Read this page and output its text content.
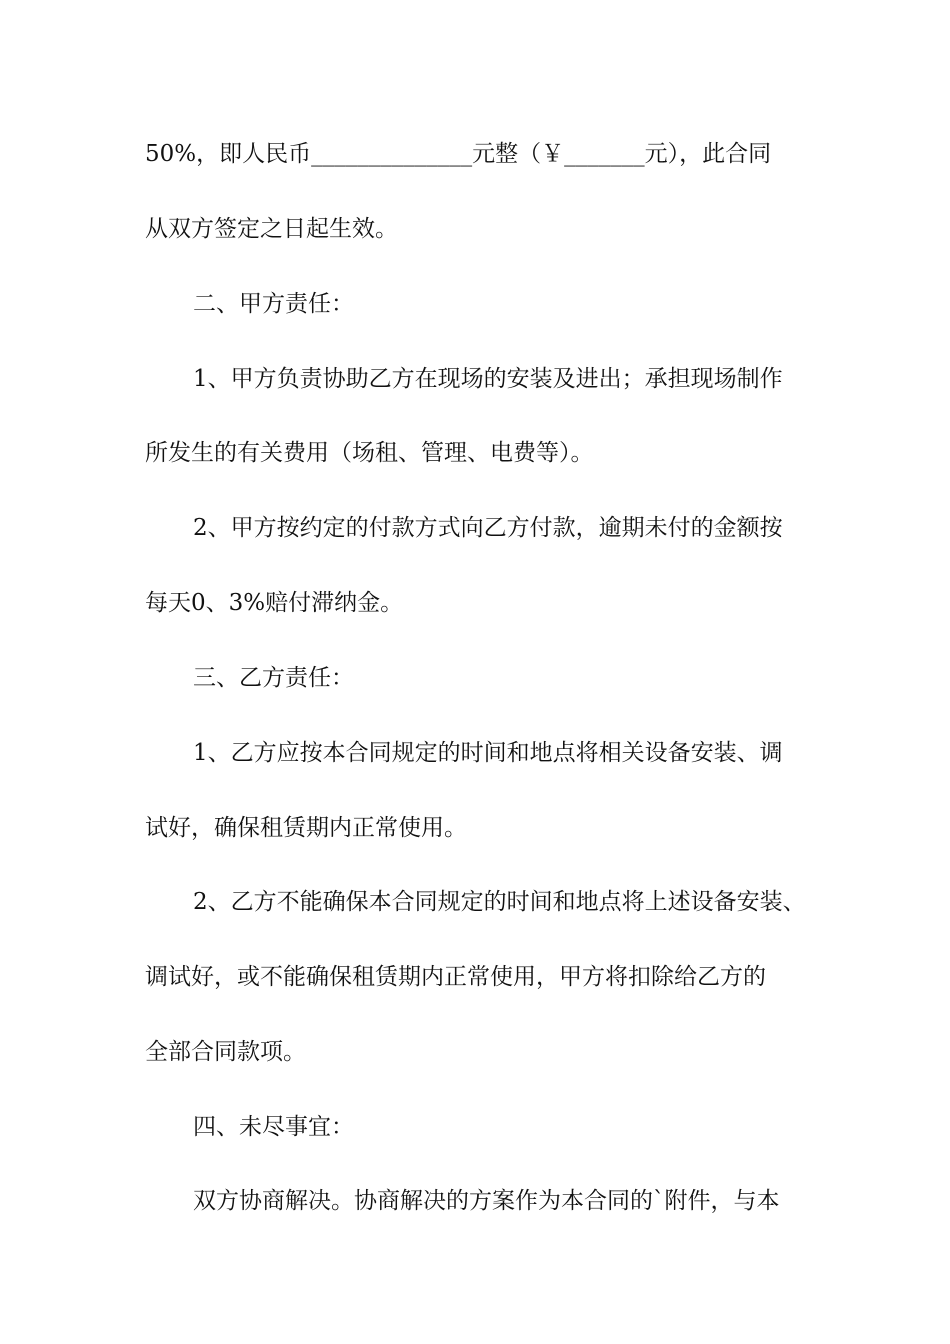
50%，即人民币______________元整（￥_______元），此合同
从双方签定之日起生效。
二、甲方责任：
1、甲方负责协助乙方在现场的安装及进出；承担现场制作
所发生的有关费用（场租、管理、电费等）。
2、甲方按约定的付款方式向乙方付款，逾期未付的金额按
每天0、3%赔付滞纳金。
三、乙方责任：
1、乙方应按本合同规定的时间和地点将相关设备安装、调
试好，确保租赁期内正常使用。
2、乙方不能确保本合同规定的时间和地点将上述设备安装、
调试好，或不能确保租赁期内正常使用，甲方将扣除给乙方的
全部合同款项。
四、未尽事宜：
双方协商解决。协商解决的方案作为本合同的`附件，与本
